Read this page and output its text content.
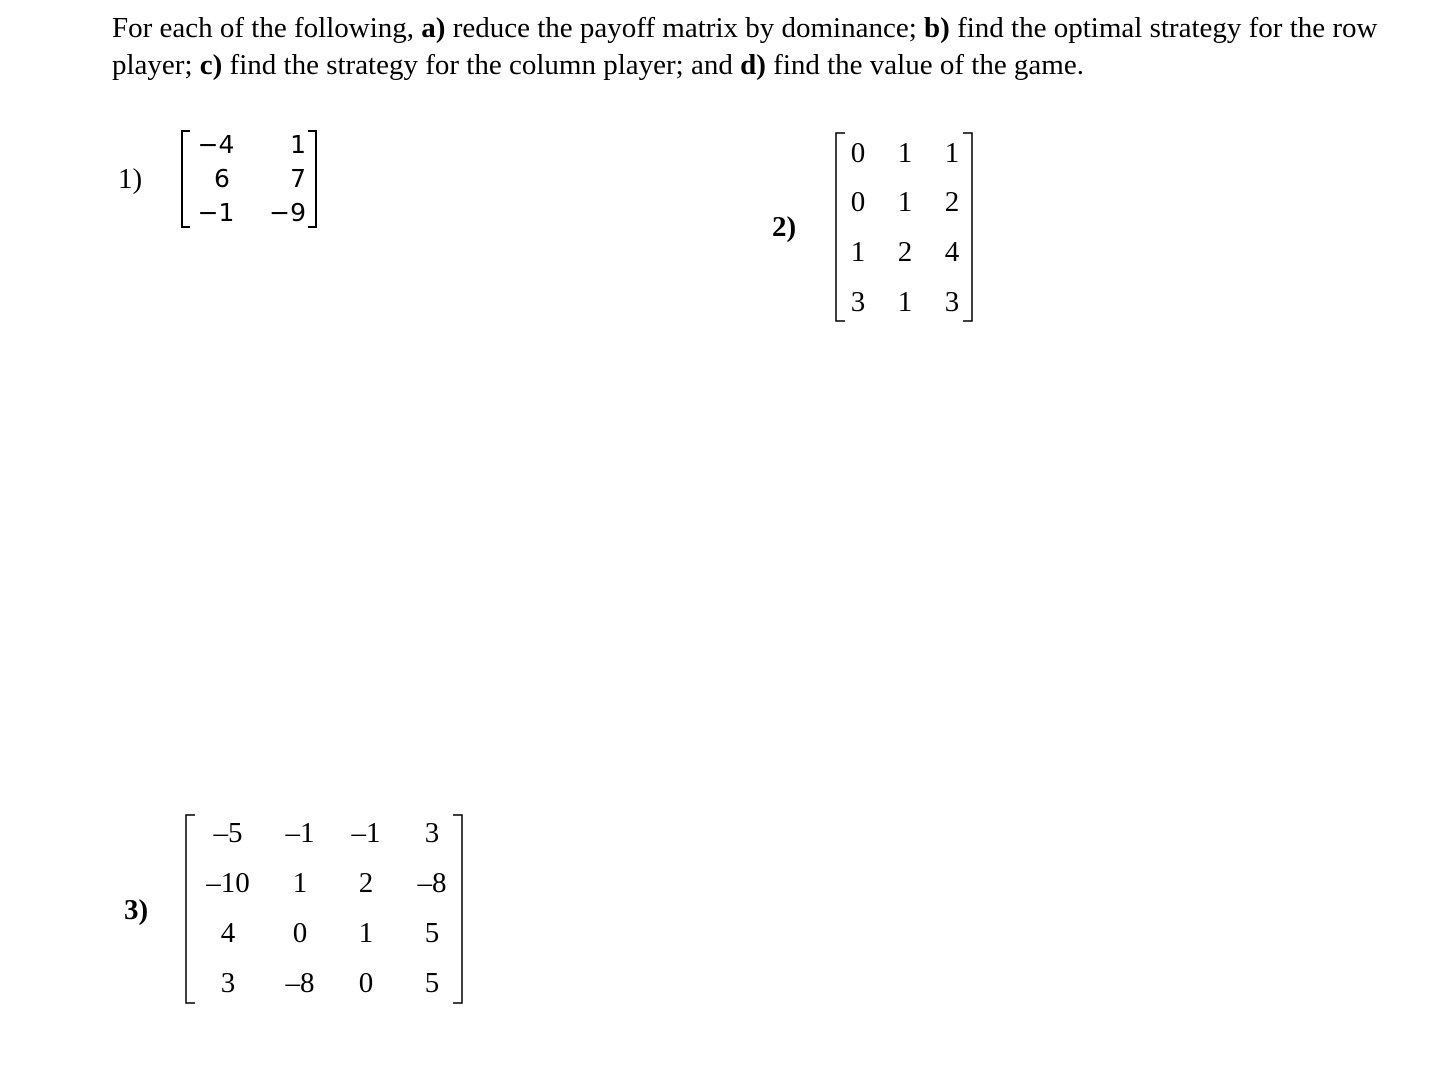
For each of the following, a) reduce the payoff matrix by dominance; b) find the optimal strategy for the row player; c) find the strategy for the column player; and d) find the value of the game.

1)
−4	1
6	7
−1	−9	2)
0 1 1
0 1 2
1 2 4
3 1 3
3)
–5	–1	–1	3
–10	1	2	–8
4	0	1	5
3	–8	0	5
